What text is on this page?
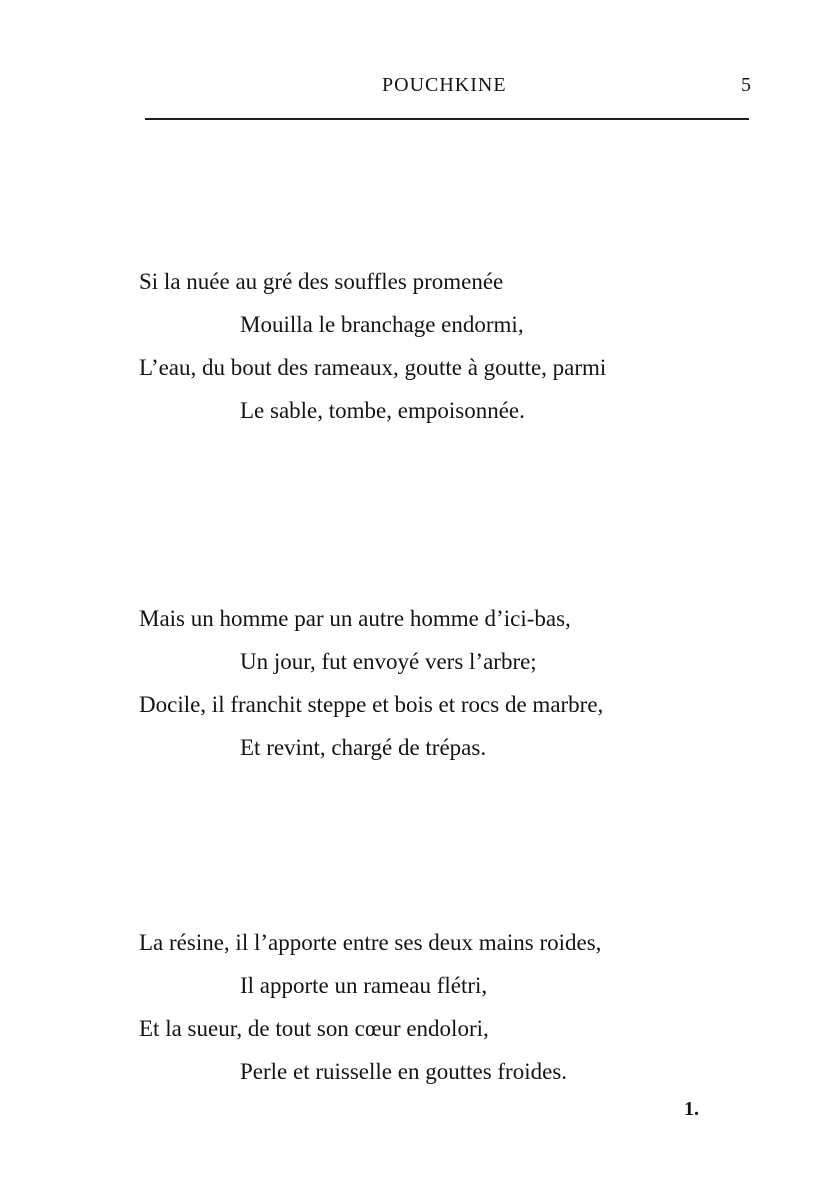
POUCHKINE	5
Si la nuée au gré des souffles promenée
Mouilla le branchage endormi,
L’eau, du bout des rameaux, goutte à goutte, parmi
Le sable, tombe, empoisonnée.
Mais un homme par un autre homme d’ici-bas,
Un jour, fut envoyé vers l’arbre;
Docile, il franchit steppe et bois et rocs de marbre,
Et revint, chargé de trépas.
La résine, il l’apporte entre ses deux mains roides,
Il apporte un rameau flétri,
Et la sueur, de tout son cœur endolori,
Perle et ruisselle en gouttes froides.
1.
